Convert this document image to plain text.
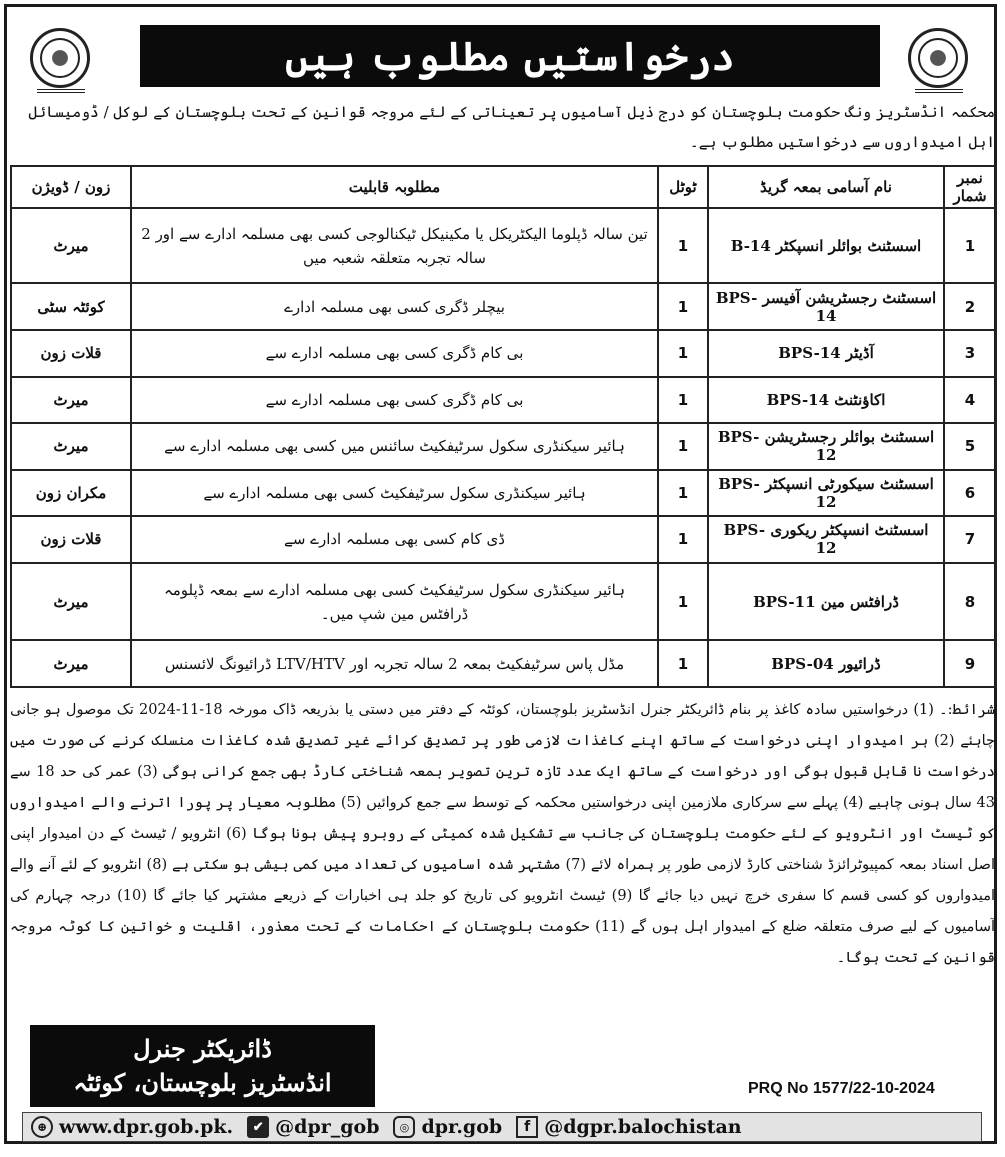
درخواستیں مطلوب ہیں
محکمہ انڈسٹریز ونگ حکومت بلوچستان کو درج ذیل آسامیوں پر تعیناتی کے لئے مروجہ قوانین کے تحت بلوچستان کے لوکل / ڈومیسائل اہل امیدواروں سے درخواستیں مطلوب ہے۔
نمبر شمار	نام آسامی بمعہ گریڈ	ٹوٹل	مطلوبہ قابلیت	زون / ڈویژن
1	اسسٹنٹ بوائلر انسپکٹر B-14	1	تین سالہ ڈپلوما الیکٹریکل یا مکینیکل ٹیکنالوجی کسی بھی مسلمہ ادارے سے اور 2 سالہ تجربہ متعلقہ شعبہ میں	میرٹ
2	اسسٹنٹ رجسٹریشن آفیسر BPS-14	1	بیچلر ڈگری کسی بھی مسلمہ ادارے	کوئٹہ سٹی
3	آڈیٹر BPS-14	1	بی کام ڈگری کسی بھی مسلمہ ادارے سے	قلات زون
4	اکاؤنٹنٹ BPS-14	1	بی کام ڈگری کسی بھی مسلمہ ادارے سے	میرٹ
5	اسسٹنٹ بوائلر رجسٹریشن BPS-12	1	ہائیر سیکنڈری سکول سرٹیفکیٹ سائنس میں کسی بھی مسلمہ ادارے سے	میرٹ
6	اسسٹنٹ سیکورٹی انسپکٹر BPS-12	1	ہائیر سیکنڈری سکول سرٹیفکیٹ کسی بھی مسلمہ ادارے سے	مکران زون
7	اسسٹنٹ انسپکٹر ریکوری BPS-12	1	ڈی کام کسی بھی مسلمہ ادارے سے	قلات زون
8	ڈرافٹس مین BPS-11	1	ہائیر سیکنڈری سکول سرٹیفکیٹ کسی بھی مسلمہ ادارے سے بمعہ ڈپلومہ ڈرافٹس مین شپ میں۔	میرٹ
9	ڈرائیور BPS-04	1	مڈل پاس سرٹیفکیٹ بمعہ 2 سالہ تجربہ اور LTV/HTV ڈرائیونگ لائسنس	میرٹ
شرائط:۔ (1) درخواستیں سادہ کاغذ پر بنام ڈائریکٹر جنرل انڈسٹریز بلوچستان، کوئٹہ کے دفتر میں دستی یا بذریعہ ڈاک مورخہ 18-11-2024 تک موصول ہو جانی چاہئے (2) ہر امیدوار اپنی درخواست کے ساتھ اپنے کاغذات لازمی طور پر تصدیق کرائے غیر تصدیق شدہ کاغذات منسلک کرنے کی صورت میں درخواست نا قابل قبول ہوگی اور درخواست کے ساتھ ایک عدد تازہ ترین تصویر بمعہ شناختی کارڈ بھی جمع کرانی ہوگی (3) عمر کی حد 18 سے 43 سال ہونی چاہیے (4) پہلے سے سرکاری ملازمین اپنی درخواستیں محکمہ کے توسط سے جمع کروائیں (5) مطلوبہ معیار پر پورا اترنے والے امیدواروں کو ٹیسٹ اور انٹرویو کے لئے حکومت بلوچستان کی جانب سے تشکیل شدہ کمیٹی کے روبرو پیش ہونا ہوگا (6) انٹرویو / ٹیسٹ کے دن امیدوار اپنی اصل اسناد بمعہ کمپیوٹرائزڈ شناختی کارڈ لازمی طور پر ہمراہ لائے (7) مشتہر شدہ اسامیوں کی تعداد میں کمی بیشی ہو سکتی ہے (8) انٹرویو کے لئے آنے والے امیدواروں کو کسی قسم کا سفری خرچ نہیں دیا جائے گا (9) ٹیسٹ انٹرویو کی تاریخ کو جلد ہی اخبارات کے ذریعے مشتہر کیا جائے گا (10) درجہ چہارم کی آسامیوں کے لیے صرف متعلقہ ضلع کے امیدوار اہل ہوں گے (11) حکومت بلوچستان کے احکامات کے تحت معذور، اقلیت و خواتین کا کوٹہ مروجہ قوانین کے تحت ہوگا۔
ڈائریکٹر جنرل
انڈسٹریز بلوچستان، کوئٹہ	PRQ No 1577/22-10-2024
⊕ www.dpr.gob.pk.	✔ @dpr_gob	◎ dpr.gob	f @dgpr.balochistan
